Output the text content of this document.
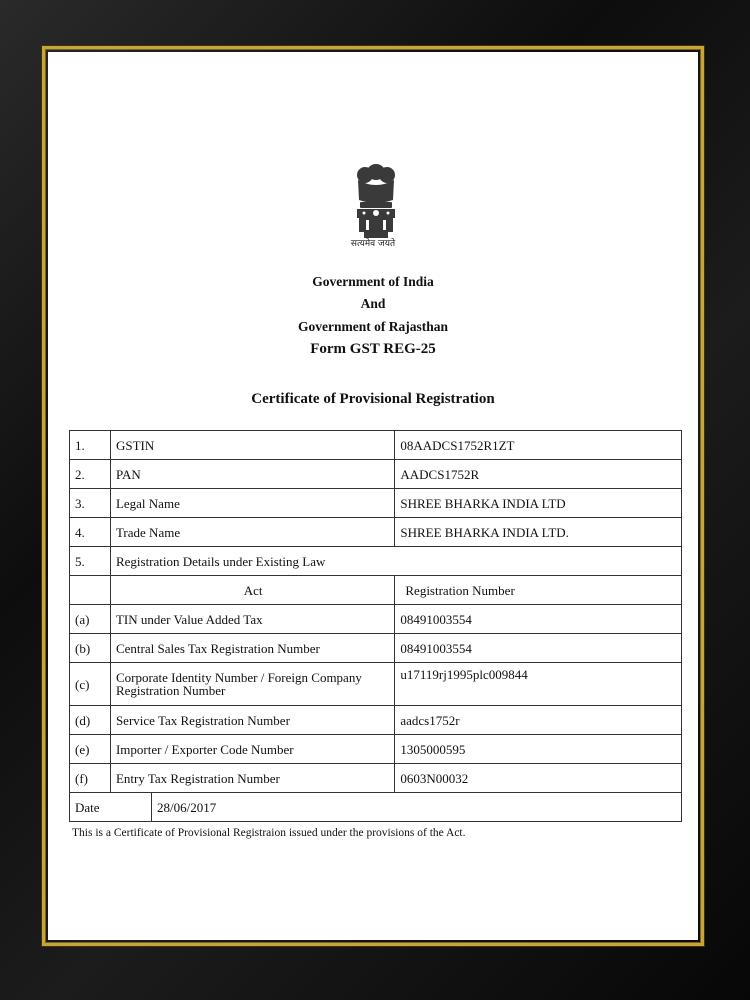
सत्यमेव जयते
Government of India
And
Government of Rajasthan
Form GST REG-25
Certificate of Provisional Registration
1.	GSTIN	08AADCS1752R1ZT
2.	PAN	AADCS1752R
3.	Legal Name	SHREE BHARKA INDIA LTD
4.	Trade Name	SHREE BHARKA INDIA LTD.
5.	Registration Details under Existing Law	
	Act	Registration Number
(a)	TIN under Value Added Tax	08491003554
(b)	Central Sales Tax Registration Number	08491003554
(c)	Corporate Identity Number / Foreign Company Registration Number	u17119rj1995plc009844
(d)	Service Tax Registration Number	aadcs1752r
(e)	Importer / Exporter Code Number	1305000595
(f)	Entry Tax Registration Number	0603N00032

Date 28/06/2017		
This is a Certificate of Provisional Registraion issued under the provisions of the Act.
